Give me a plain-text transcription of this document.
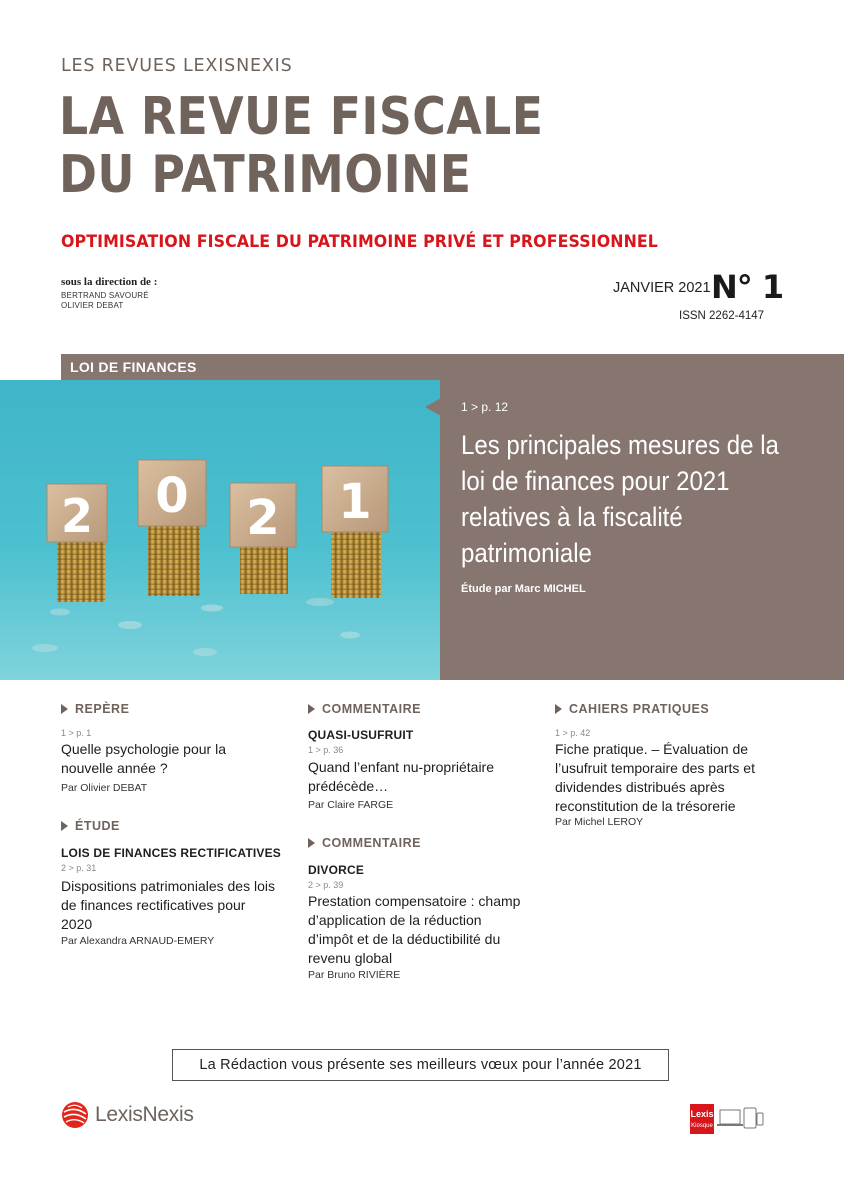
LES REVUES LEXISNEXIS
LA REVUE FISCALE
DU PATRIMOINE
OPTIMISATION FISCALE DU PATRIMOINE PRIVÉ ET PROFESSIONNEL
sous la direction de :
BERTRAND SAVOURÉ
OLIVIER DEBAT
JANVIER 2021 -
N° 1
ISSN 2262-4147
LOI DE FINANCES
2 0 2 1
1 > p. 12
Les principales mesures de la loi de finances pour 2021 relatives à la fiscalité patrimoniale
Étude par Marc MICHEL
REPÈRE
1 > p. 1
Quelle psychologie pour la nouvelle année ?
Par Olivier DEBAT
ÉTUDE
LOIS DE FINANCES RECTIFICATIVES
2 > p. 31
Dispositions patrimoniales des lois de finances rectificatives pour 2020
Par Alexandra ARNAUD-EMERY
COMMENTAIRE
QUASI-USUFRUIT
1 > p. 36
Quand l’enfant nu-propriétaire prédécède…
Par Claire FARGE
COMMENTAIRE
DIVORCE
2 > p. 39
Prestation compensatoire : champ d’application de la réduction d’impôt et de la déductibilité du revenu global
Par Bruno RIVIÈRE
CAHIERS PRATIQUES
1 > p. 42
Fiche pratique. – Évaluation de l’usufruit temporaire des parts et dividendes distribués après reconstitution de la trésorerie
Par Michel LEROY
La Rédaction vous présente ses meilleurs vœux pour l’année 2021
LexisNexis	Lexis
Kiosque
